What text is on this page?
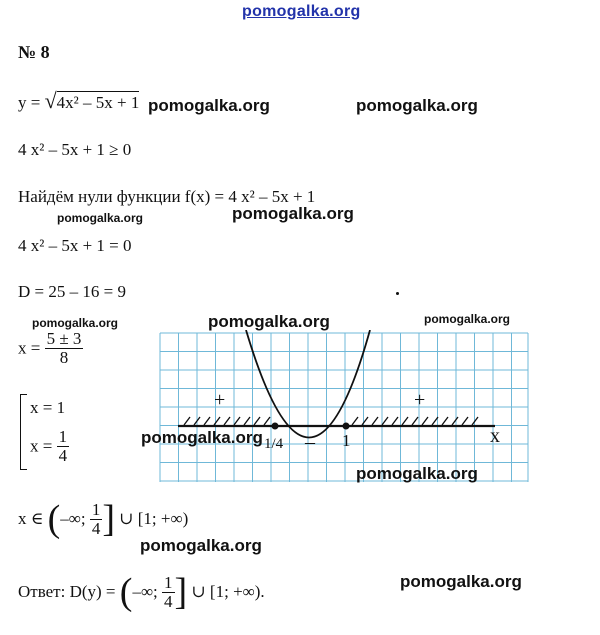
pomogalka.org
№ 8
y = √4x² – 5x + 1
4 x² – 5x + 1 ≥ 0
Найдём нули функции f(x) = 4 x² – 5x + 1
4 x² – 5x + 1 = 0
D = 25 – 16 = 9
$x = \frac{5 \pm 3}{8}$
x = 1
$x = \frac{1}{4}$
+	+
–
1/4	1	x
x ∈ (–∞; $\frac{1}{4}$ ] ∪ [1; +∞)
Ответ: D(y) = (–∞; $\frac{1}{4}$ ] ∪ [1; +∞).
pomogalka.org	pomogalka.org
pomogalka.org
pomogalka.org
pomogalka.org	pomogalka.org	pomogalka.org
pomogalka.org
pomogalka.org
pomogalka.org
pomogalka.org
